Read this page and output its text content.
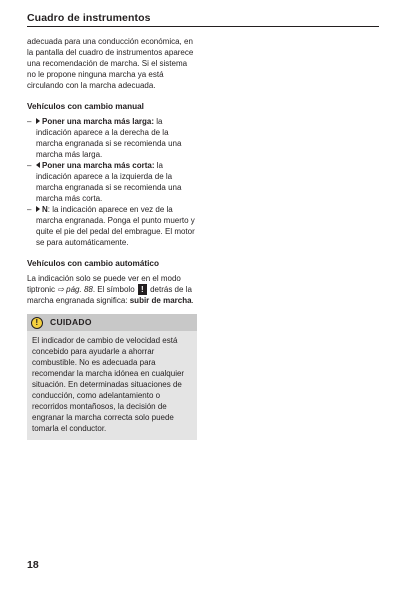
Cuadro de instrumentos

adecuada para una conducción económica, en la pantalla del cuadro de instrumentos aparece una recomendación de marcha. Si el sistema no le propone ninguna marcha ya está circulando con la marcha adecuada.

Vehículos con cambio manual
– Poner una marcha más larga: la indicación aparece a la derecha de la marcha engranada si se recomienda una marcha más larga.
– Poner una marcha más corta: la indicación aparece a la izquierda de la marcha engranada si se recomienda una marcha más corta.
– N: la indicación aparece en vez de la marcha engranada. Ponga el punto muerto y quite el pie del pedal del embrague. El motor se para automáticamente.
Vehículos con cambio automático

La indicación solo se puede ver en el modo tiptronic ⇨ pág. 88. El símbolo ! detrás de la marcha engranada significa: subir de marcha.

!	CUIDADO
El indicador de cambio de velocidad está concebido para ayudarle a ahorrar combustible. No es adecuada para recomendar la marcha idónea en cualquier situación. En determinadas situaciones de conducción, como adelantamiento o recorridos montañosos, la decisión de engranar la marcha correcta solo puede tomarla el conductor.
18
